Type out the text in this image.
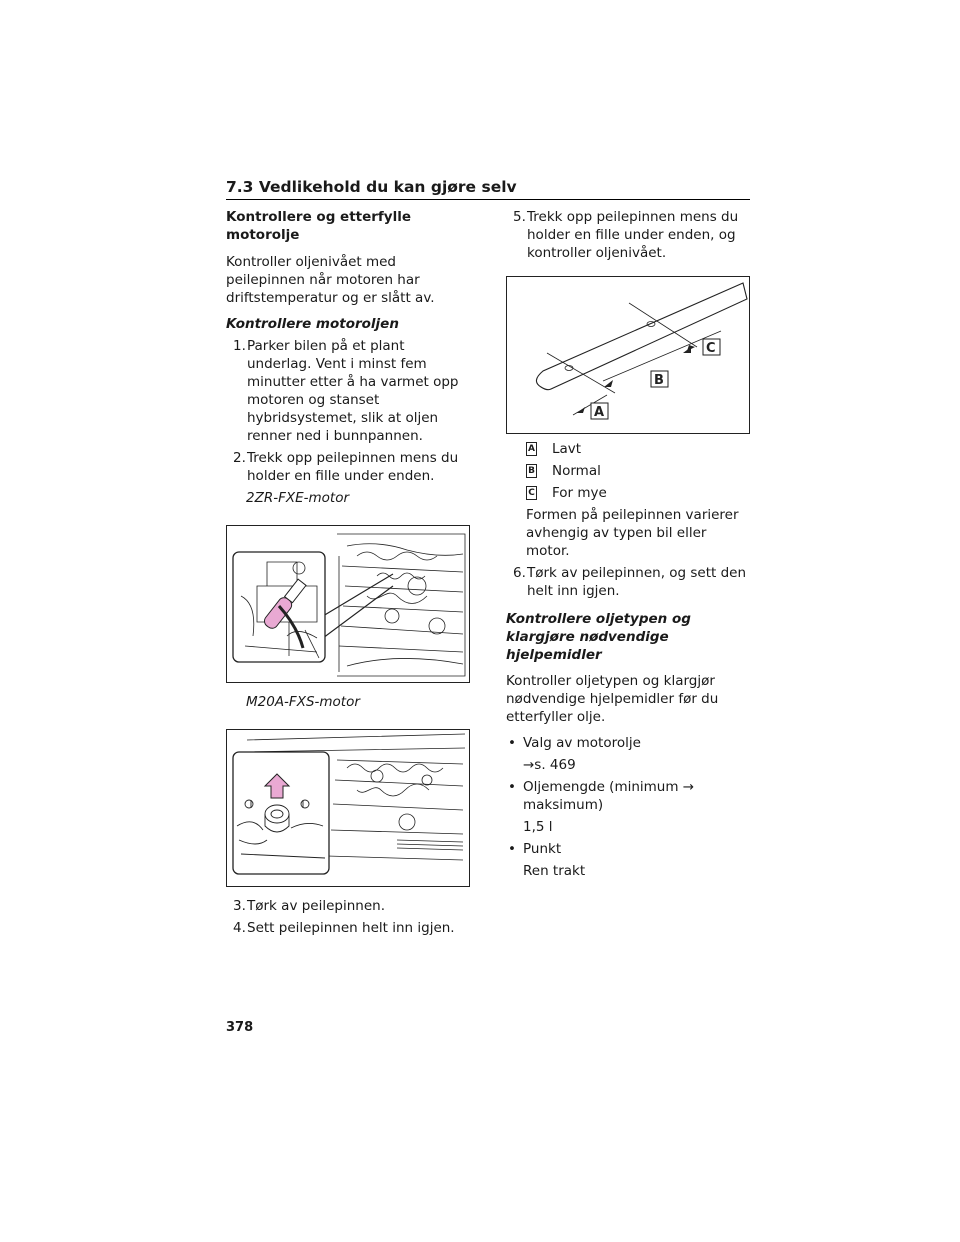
7.3 Vedlikehold du kan gjøre selv
Kontrollere og etterfylle motorolje

Kontroller oljenivået med peilepinnen når motoren har driftstemperatur og er slått av.

Kontrollere motoroljen
1. Parker bilen på et plant underlag. Vent i minst fem minutter etter å ha varmet opp motoren og stanset hybridsystemet, slik at oljen renner ned i bunnpannen.
2. Trekk opp peilepinnen mens du holder en fille under enden.
2ZR-FXE-motor
M20A-FXS-motor
3. Tørk av peilepinnen.
4. Sett peilepinnen helt inn igjen.
5. Trekk opp peilepinnen mens du holder en fille under enden, og kontroller oljenivået.
A
B
C
A Lavt
B Normal
C For mye

Formen på peilepinnen varierer avhengig av typen bil eller motor.

6. Tørk av peilepinnen, og sett den helt inn igjen.
Kontrollere oljetypen og klargjøre nødvendige hjelpemidler

Kontroller oljetypen og klargjør nødvendige hjelpemidler før du etterfyller olje.

• Valg av motorolje
→s. 469
• Oljemengde (minimum → maksimum)
1,5 l
• Punkt
Ren trakt
378
